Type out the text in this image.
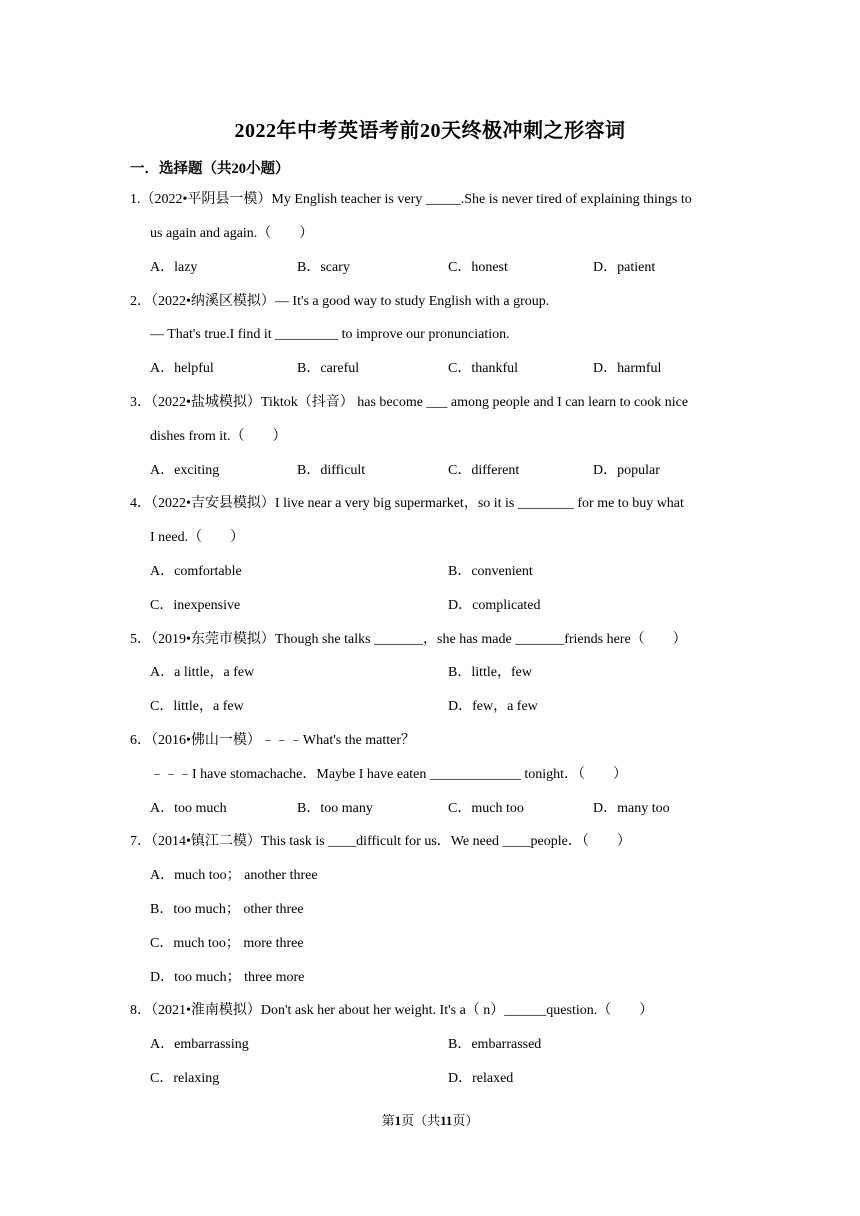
2022年中考英语考前20天终极冲刺之形容词
一．选择题（共20小题）
1.（2022•平阴县一模）My English teacher is very _____.She is never tired of explaining things to
us again and again.（　　）
A．lazy	B．scary	C．honest	D．patient
2．（2022•纳溪区模拟）— It's a good way to study English with a group.
— That's true.I find it _________ to improve our pronunciation.
A．helpful	B．careful	C．thankful	D．harmful
3．（2022•盐城模拟）Tiktok（抖音） has become ___ among people and I can learn to cook nice
dishes from it.（　　）
A．exciting	B．difficult	C．different	D．popular
4．（2022•吉安县模拟）I live near a very big supermarket，so it is ________ for me to buy what
I need.（　　）
A．comfortable	B．convenient
C．inexpensive	D．complicated
5．（2019•东莞市模拟）Though she talks _______，she has made _______friends here（　　）
A．a little，a few	B．little，few
C．little，a few	D．few，a few
6．（2016•佛山一模）﹣﹣﹣What's the matter？
﹣﹣﹣I have stomachache．Maybe I have eaten _____________ tonight．（　　）
A．too much	B．too many	C．much too	D．many too
7．（2014•镇江二模）This task is ____difficult for us．We need ____people．（　　）
A．much too； another three
B．too much； other three
C．much too； more three
D．too much； three more
8．（2021•淮南模拟）Don't ask her about her weight. It's a（ n）______question.（　　）
A．embarrassing	B．embarrassed
C．relaxing	D．relaxed
第1页（共11页）
